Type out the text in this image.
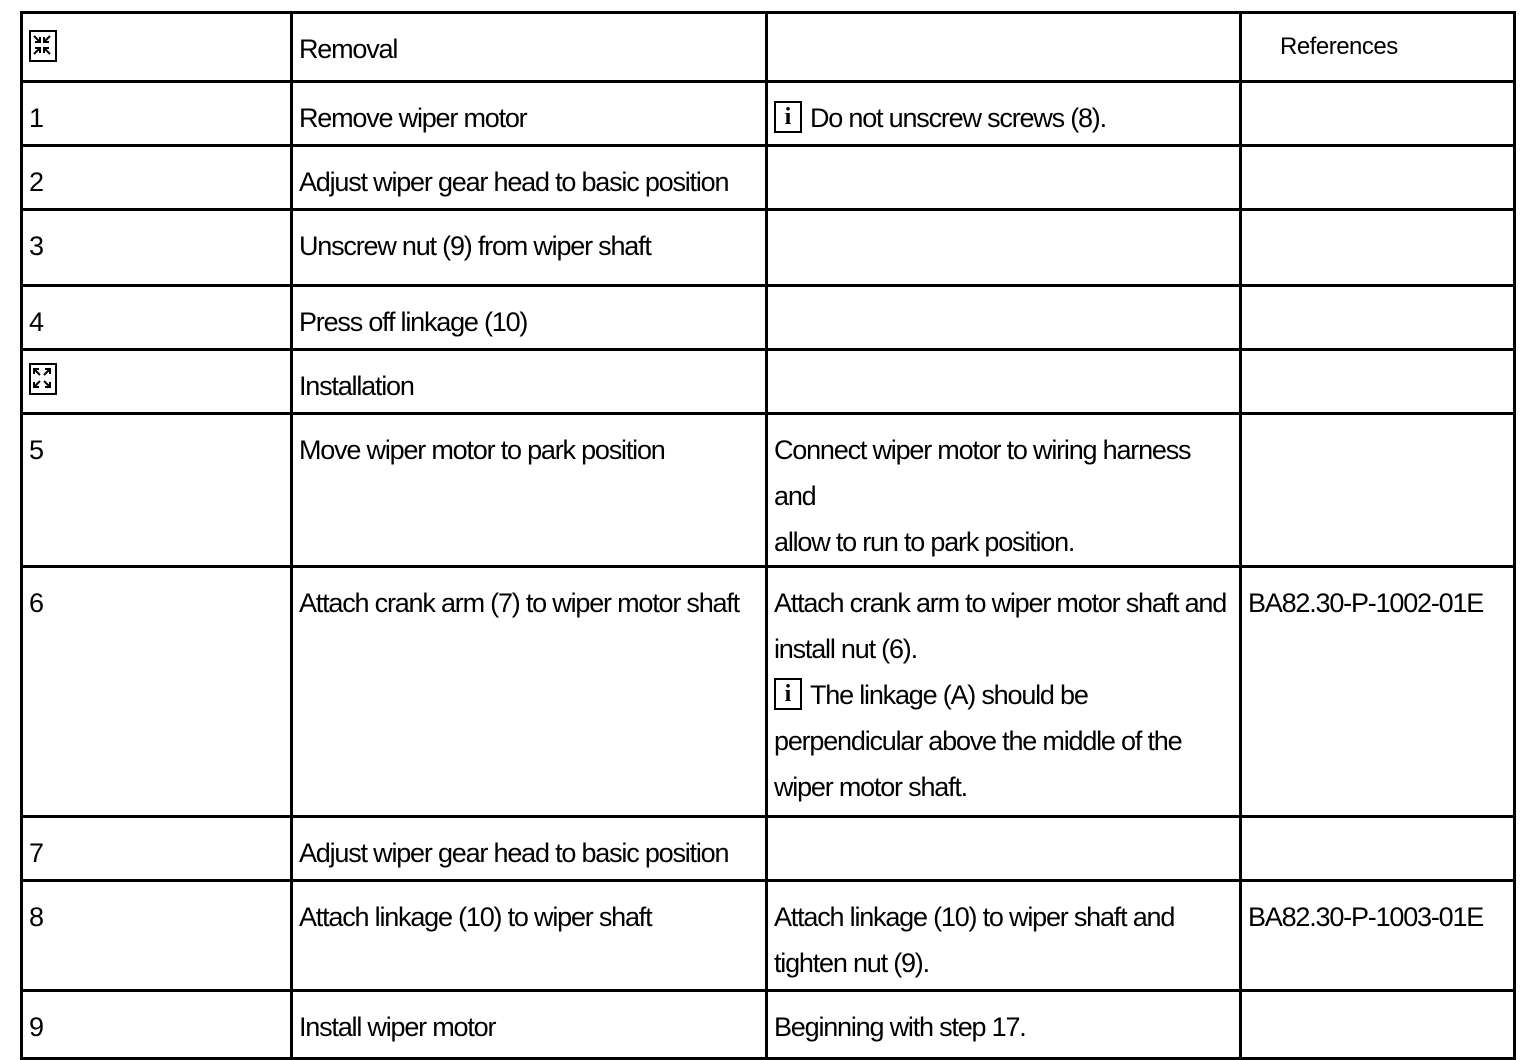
	Removal		References
1	Remove wiper motor	i Do not unscrew screws (8).	
2	Adjust wiper gear head to basic position		
3	Unscrew nut (9) from wiper shaft		
4	Press off linkage (10)		

	Installation		
5	Move wiper motor to park position	Connect wiper motor to wiring harness and
allow to run to park position.	

6	Attach crank arm (7) to wiper motor shaft	Attach crank arm to wiper motor shaft and
install nut (6).
i The linkage (A) should be
perpendicular above the middle of the
wiper motor shaft.	BA82.30-P-1002-01E
7	Adjust wiper gear head to basic position		
8	Attach linkage (10) to wiper shaft	Attach linkage (10) to wiper shaft and
tighten nut (9).	BA82.30-P-1003-01E
9	Install wiper motor	Beginning with step 17.	
